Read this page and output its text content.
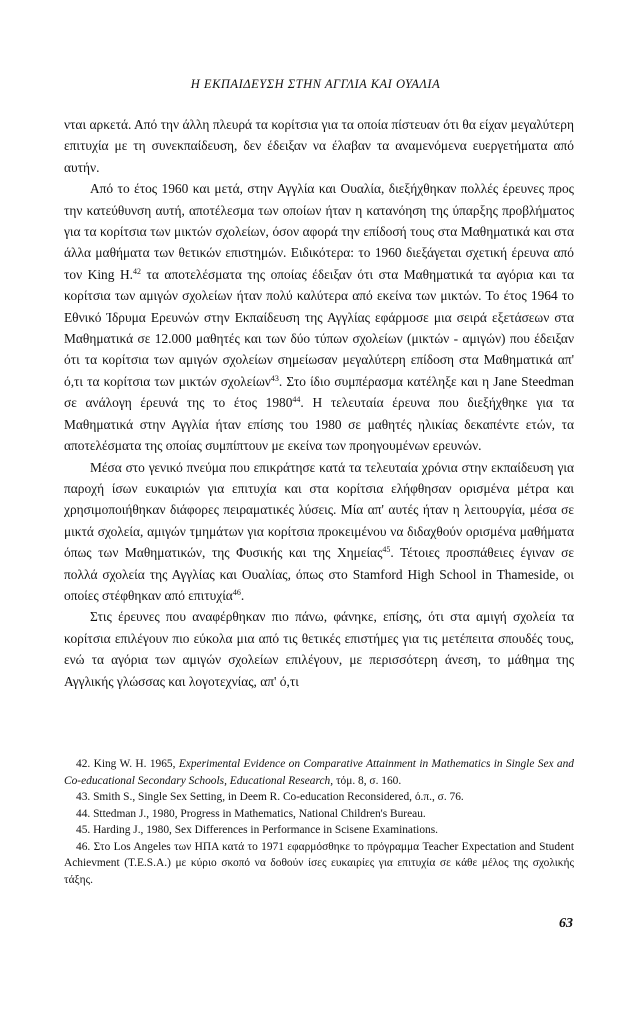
Η ΕΚΠΑΙΔΕΥΣΗ ΣΤΗΝ ΑΓΓΛΙΑ ΚΑΙ ΟΥΑΛΙΑ

νται αρκετά. Από την άλλη πλευρά τα κορίτσια για τα οποία πίστευαν ότι θα είχαν μεγαλύτερη επιτυχία με τη συνεκπαίδευση, δεν έδειξαν να έλαβαν τα αναμενόμενα ευεργετήματα από αυτήν.

Από το έτος 1960 και μετά, στην Αγγλία και Ουαλία, διεξήχθηκαν πολλές έρευνες προς την κατεύθυνση αυτή, αποτέλεσμα των οποίων ήταν η κατανόηση της ύπαρξης προβλήματος για τα κορίτσια των μικτών σχολείων, όσον αφορά την επίδοσή τους στα Μαθηματικά και στα άλλα μαθήματα των θετικών επιστημών. Ειδικότερα: το 1960 διεξάγεται σχετική έρευνα από τον King H.$^{42}$ τα αποτελέσματα της οποίας έδειξαν ότι στα Μαθηματικά τα αγόρια και τα κορίτσια των αμιγών σχολείων ήταν πολύ καλύτερα από εκείνα των μικτών. Το έτος 1964 το Εθνικό Ίδρυμα Ερευνών στην Εκπαίδευση της Αγγλίας εφάρμοσε μια σειρά εξετάσεων στα Μαθηματικά σε 12.000 μαθητές και των δύο τύπων σχολείων (μικτών - αμιγών) που έδειξαν ότι τα κορίτσια των αμιγών σχολείων σημείωσαν μεγαλύτερη επίδοση στα Μαθηματικά απ' ό,τι τα κορίτσια των μικτών σχολείων$^{43}$. Στο ίδιο συμπέρασμα κατέληξε και η Jane Steedman σε ανάλογη έρευνά της το έτος 1980$^{44}$. Η τελευταία έρευνα που διεξήχθηκε για τα Μαθηματικά στην Αγγλία ήταν επίσης του 1980 σε μαθητές ηλικίας δεκαπέντε ετών, τα αποτελέσματα της οποίας συμπίπτουν με εκείνα των προηγουμένων ερευνών.

Μέσα στο γενικό πνεύμα που επικράτησε κατά τα τελευταία χρόνια στην εκπαίδευση για παροχή ίσων ευκαιριών για επιτυχία και στα κορίτσια ελήφθησαν ορισμένα μέτρα και χρησιμοποιήθηκαν διάφορες πειραματικές λύσεις. Μία απ' αυτές ήταν η λειτουργία, μέσα σε μικτά σχολεία, αμιγών τμημάτων για κορίτσια προκειμένου να διδαχθούν ορισμένα μαθήματα όπως των Μαθηματικών, της Φυσικής και της Χημείας$^{45}$. Τέτοιες προσπάθειες έγιναν σε πολλά σχολεία της Αγγλίας και Ουαλίας, όπως στο Stamford High School in Thameside, οι οποίες στέφθηκαν από επιτυχία$^{46}$.

Στις έρευνες που αναφέρθηκαν πιο πάνω, φάνηκε, επίσης, ότι στα αμιγή σχολεία τα κορίτσια επιλέγουν πιο εύκολα μια από τις θετικές επιστήμες για τις μετέπειτα σπουδές τους, ενώ τα αγόρια των αμιγών σχολείων επιλέγουν, με περισσότερη άνεση, το μάθημα της Αγγλικής γλώσσας και λογοτεχνίας, απ' ό,τι

42. King W. H. 1965, Experimental Evidence on Comparative Attainment in Mathematics in Single Sex and Co-educational Secondary Schools, Educational Research, τόμ. 8, σ. 160.

43. Smith S., Single Sex Setting, in Deem R. Co-education Reconsidered, ό.π., σ. 76.

44. Sttedman J., 1980, Progress in Mathematics, National Children's Bureau.

45. Harding J., 1980, Sex Differences in Performance in Scisene Examinations.

46. Στο Los Angeles των ΗΠΑ κατά το 1971 εφαρμόσθηκε το πρόγραμμα Teacher Expectation and Student Achievment (T.E.S.A.) με κύριο σκοπό να δοθούν ίσες ευκαιρίες για επιτυχία σε κάθε μέλος της σχολικής τάξης.

63
